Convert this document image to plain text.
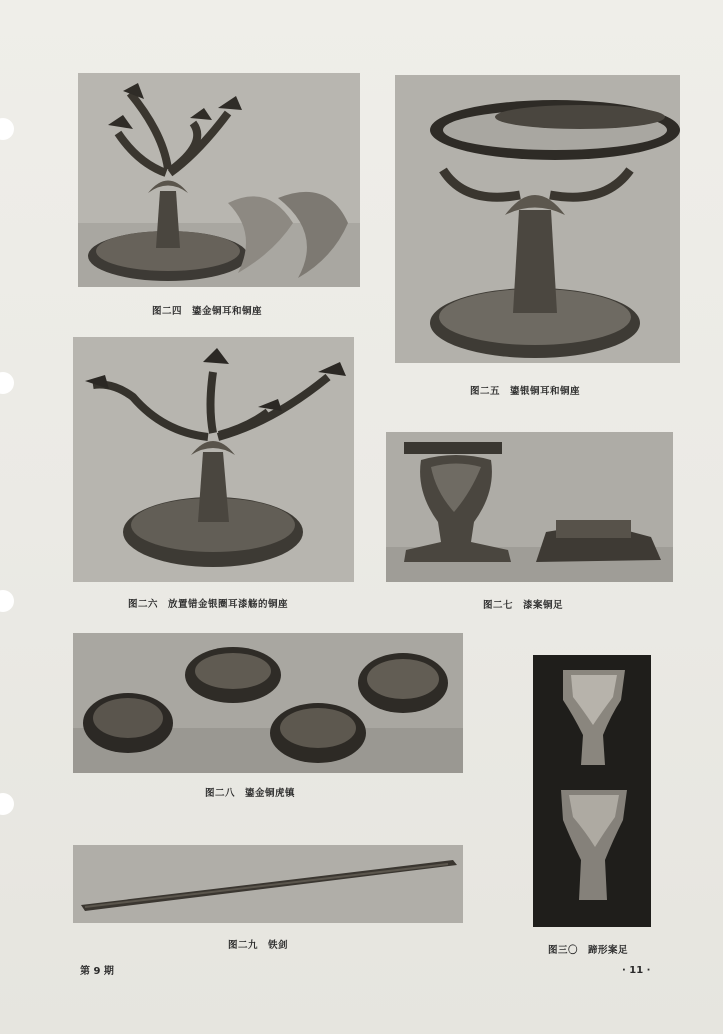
图二四　鎏金铜耳和铜座
图二五　鎏银铜耳和铜座
图二六　放置错金银圈耳漆觞的铜座	图二七　漆案铜足
图二八　鎏金铜虎镇
图二九　铁剑	图三〇　蹄形案足
第 9 期	· 11 ·
